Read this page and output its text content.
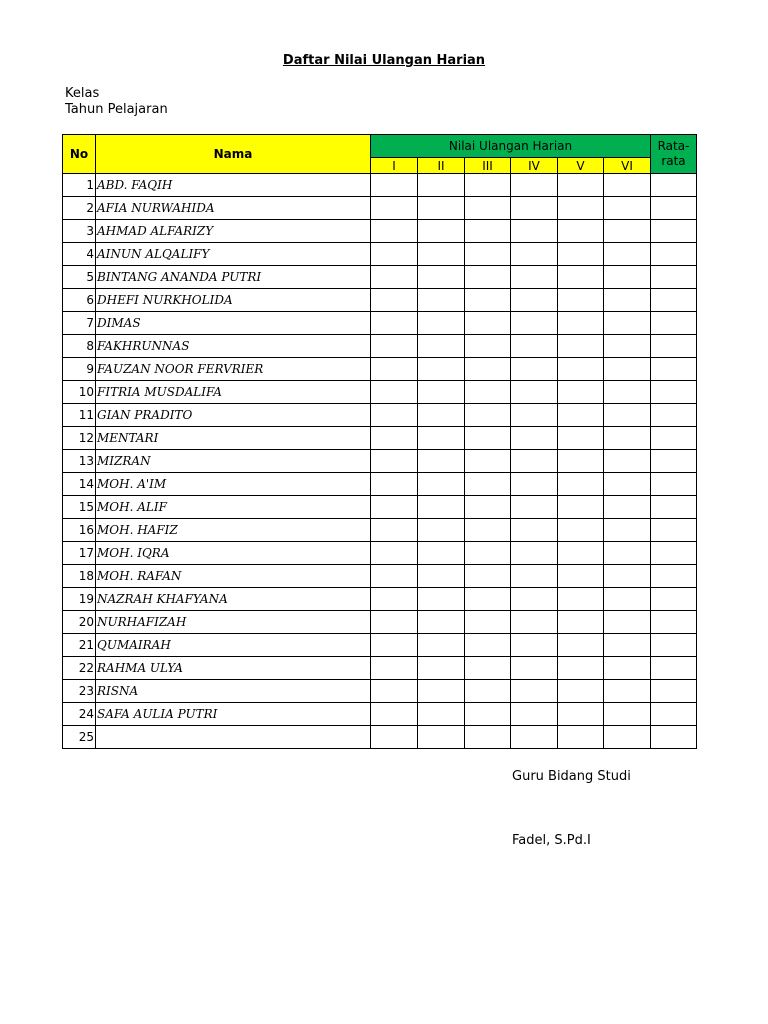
Daftar Nilai Ulangan Harian
Kelas
Tahun Pelajaran
No	Nama	Nilai Ulangan Harian						Rata-rata
		I	II	III	IV	V	VI	
1	ABD. FAQIH							
2	AFIA NURWAHIDA							
3	AHMAD ALFARIZY							
4	AINUN ALQALIFY							
5	BINTANG ANANDA PUTRI							
6	DHEFI NURKHOLIDA							
7	DIMAS							
8	FAKHRUNNAS							
9	FAUZAN NOOR FERVRIER							
10	FITRIA MUSDALIFA							
11	GIAN PRADITO							
12	MENTARI							
13	MIZRAN							
14	MOH. A'IM							
15	MOH. ALIF							
16	MOH. HAFIZ							
17	MOH. IQRA							
18	MOH. RAFAN							
19	NAZRAH KHAFYANA							
20	NURHAFIZAH							
21	QUMAIRAH							
22	RAHMA ULYA							
23	RISNA							
24	SAFA AULIA PUTRI							
25								
Guru Bidang Studi
Fadel, S.Pd.I
